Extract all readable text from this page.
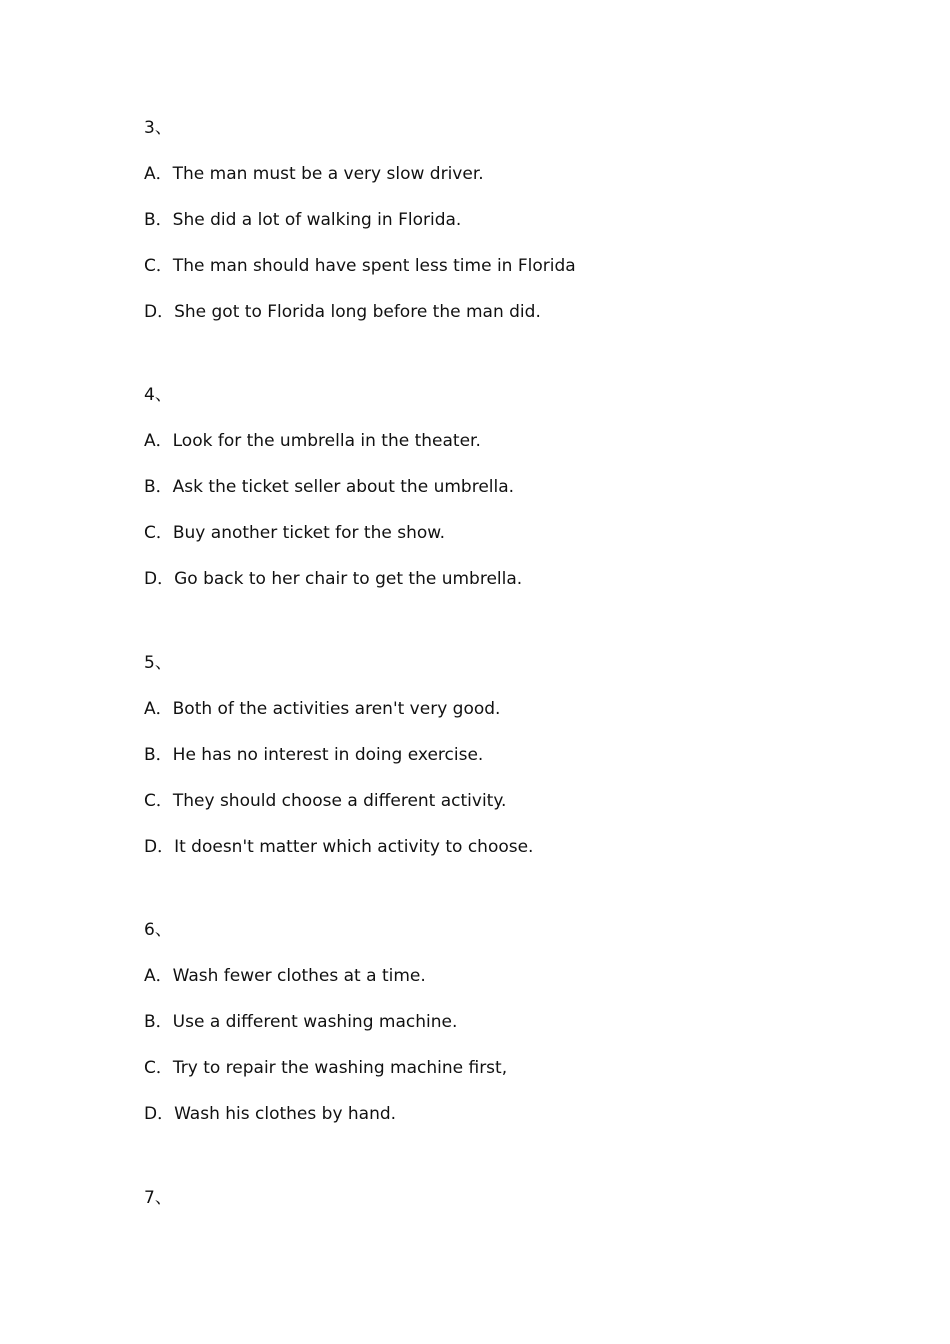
3、
A．The man must be a very slow driver.
B．She did a lot of walking in Florida.
C．The man should have spent less time in Florida
D．She got to Florida long before the man did.
4、
A．Look for the umbrella in the theater.
B．Ask the ticket seller about the umbrella.
C．Buy another ticket for the show.
D．Go back to her chair to get the umbrella.
5、
A．Both of the activities aren't very good.
B．He has no interest in doing exercise.
C．They should choose a different activity.
D．It doesn't matter which activity to choose.
6、
A．Wash fewer clothes at a time.
B．Use a different washing machine.
C．Try to repair the washing machine first,
D．Wash his clothes by hand.
7、
